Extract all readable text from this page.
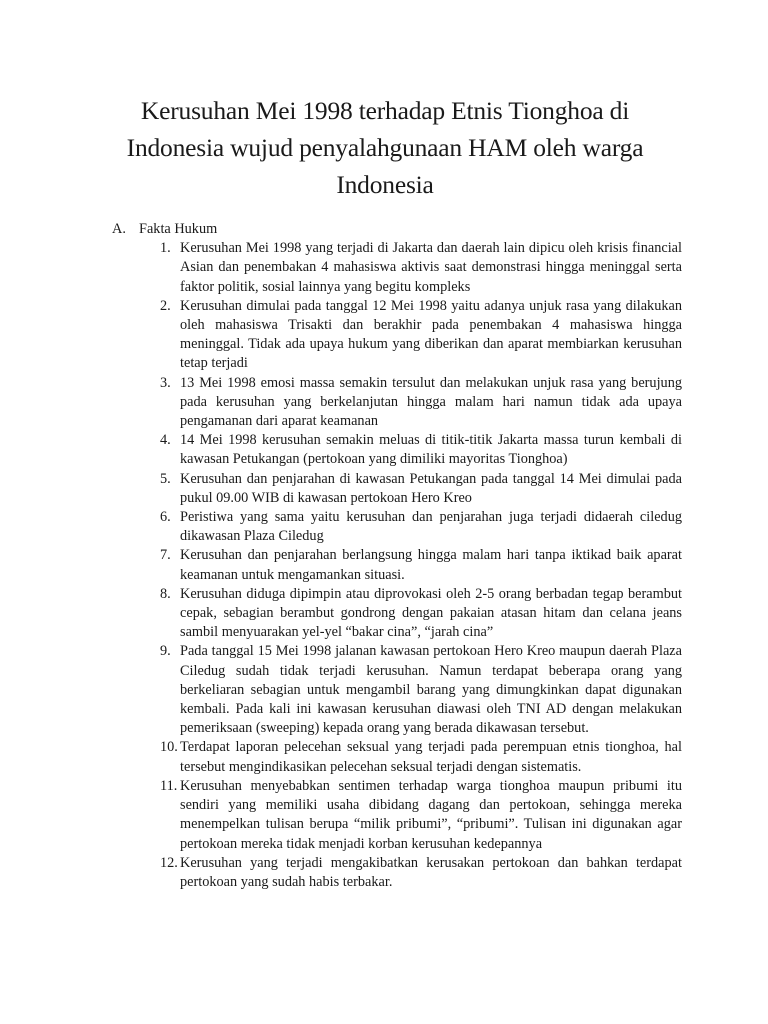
Kerusuhan Mei 1998 terhadap Etnis Tionghoa di Indonesia wujud penyalahgunaan HAM oleh warga Indonesia

A. Fakta Hukum

1. Kerusuhan Mei 1998 yang terjadi di Jakarta dan daerah lain dipicu oleh krisis financial Asian dan penembakan 4 mahasiswa aktivis saat demonstrasi hingga meninggal serta faktor politik, sosial lainnya yang begitu kompleks
2. Kerusuhan dimulai pada tanggal 12 Mei 1998 yaitu adanya unjuk rasa yang dilakukan oleh mahasiswa Trisakti dan berakhir pada penembakan 4 mahasiswa hingga meninggal. Tidak ada upaya hukum yang diberikan dan aparat membiarkan kerusuhan tetap terjadi
3. 13 Mei 1998 emosi massa semakin tersulut dan melakukan unjuk rasa yang berujung pada kerusuhan yang berkelanjutan hingga malam hari namun tidak ada upaya pengamanan dari aparat keamanan
4. 14 Mei 1998 kerusuhan semakin meluas di titik-titik Jakarta massa turun kembali di kawasan Petukangan (pertokoan yang dimiliki mayoritas Tionghoa)
5. Kerusuhan dan penjarahan di kawasan Petukangan pada tanggal 14 Mei dimulai pada pukul 09.00 WIB di kawasan pertokoan Hero Kreo
6. Peristiwa yang sama yaitu kerusuhan dan penjarahan juga terjadi didaerah ciledug dikawasan Plaza Ciledug
7. Kerusuhan dan penjarahan berlangsung hingga malam hari tanpa iktikad baik aparat keamanan untuk mengamankan situasi.
8. Kerusuhan diduga dipimpin atau diprovokasi oleh 2-5 orang berbadan tegap berambut cepak, sebagian berambut gondrong dengan pakaian atasan hitam dan celana jeans sambil menyuarakan yel-yel “bakar cina”, “jarah cina”
9. Pada tanggal 15 Mei 1998 jalanan kawasan pertokoan Hero Kreo maupun daerah Plaza Ciledug sudah tidak terjadi kerusuhan. Namun terdapat beberapa orang yang berkeliaran sebagian untuk mengambil barang yang dimungkinkan dapat digunakan kembali. Pada kali ini kawasan kerusuhan diawasi oleh TNI AD dengan melakukan pemeriksaan (sweeping) kepada orang yang berada dikawasan tersebut.
10. Terdapat laporan pelecehan seksual yang terjadi pada perempuan etnis tionghoa, hal tersebut mengindikasikan pelecehan seksual terjadi dengan sistematis.
11. Kerusuhan menyebabkan sentimen terhadap warga tionghoa maupun pribumi itu sendiri yang memiliki usaha dibidang dagang dan pertokoan, sehingga mereka menempelkan tulisan berupa “milik pribumi”, “pribumi”. Tulisan ini digunakan agar pertokoan mereka tidak menjadi korban kerusuhan kedepannya
12. Kerusuhan yang terjadi mengakibatkan kerusakan pertokoan dan bahkan terdapat pertokoan yang sudah habis terbakar.
